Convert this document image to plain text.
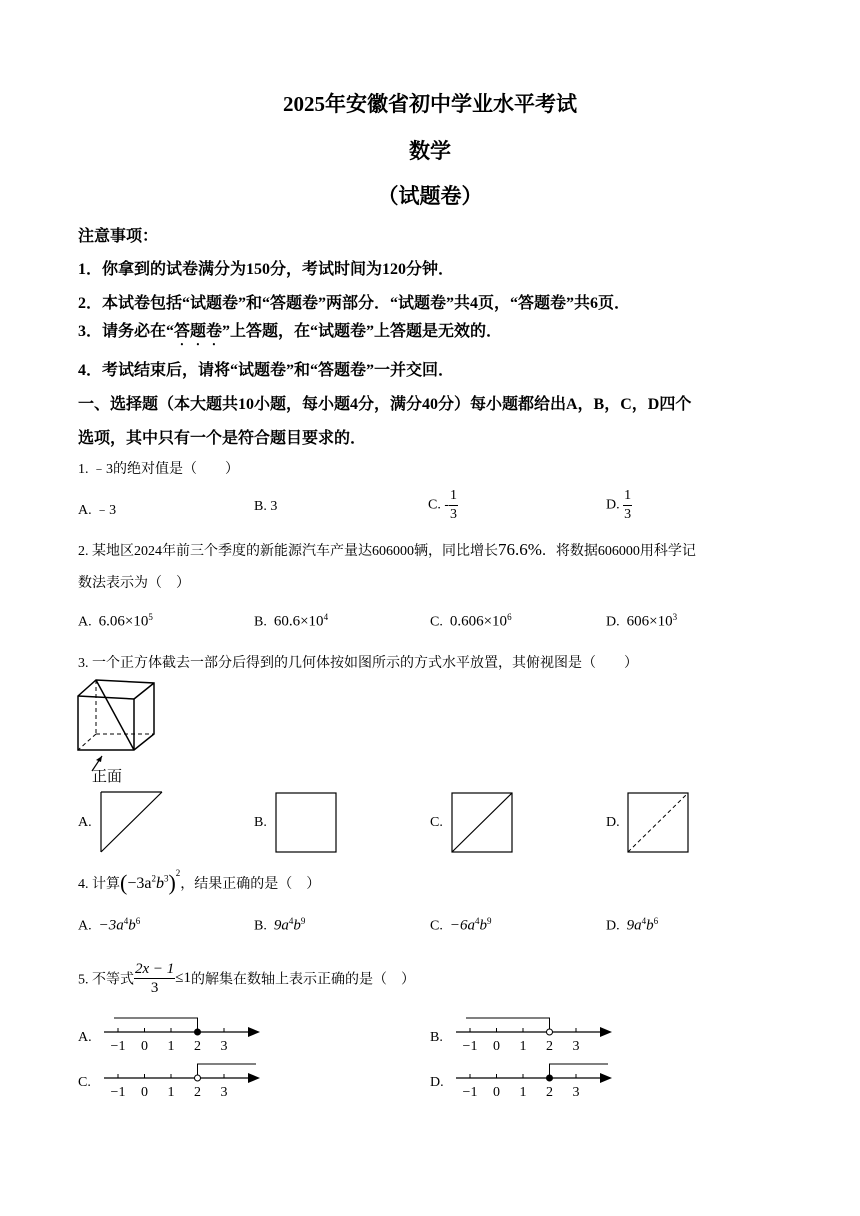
2025年安徽省初中学业水平考试
数学
（试题卷）
注意事项：
1．你拿到的试卷满分为150分，考试时间为120分钟．
2．本试卷包括“试题卷”和“答题卷”两部分．“试题卷”共4页，“答题卷”共6页．
3．请务必在“答题卷”上答题，在“试题卷”上答题是无效的．
4．考试结束后，请将“试题卷”和“答题卷”一并交回．
一、选择题（本大题共10小题，每小题4分，满分40分）每小题都给出A，B，C，D四个
选项，其中只有一个是符合题目要求的．
1. ﹣3的绝对值是（　　）
A. ﹣3	B. 3	C. - $\frac{1}{3}$	D. $\frac{1}{3}$
2. 某地区2024年前三个季度的新能源汽车产量达606000辆，同比增长76.6%．将数据606000用科学记
数法表示为（　）
A. $6.06\times 10^5$	B. $60.6\times 10^4$	C. $0.606\times 10^6$	D. $606\times 10^3$
3. 一个正方体截去一部分后得到的几何体按如图所示的方式水平放置，其俯视图是（　　）
正面
A.	B.	C.	D.
4. 计算$(-3a^2b^3)^2$，结果正确的是（　）
A. $-3a^4b^6$	B. $9a^4b^9$	C. $-6a^4b^9$	D. $9a^4b^6$
5. 不等式 $\frac{2x - 1}{3} \le 1$的解集在数轴上表示正确的是（　）
A.	B.
C.	D.
−1 0 1 2 3	−1 0 1 2 3
−1 0 1 2 3	−1 0 1 2 3
